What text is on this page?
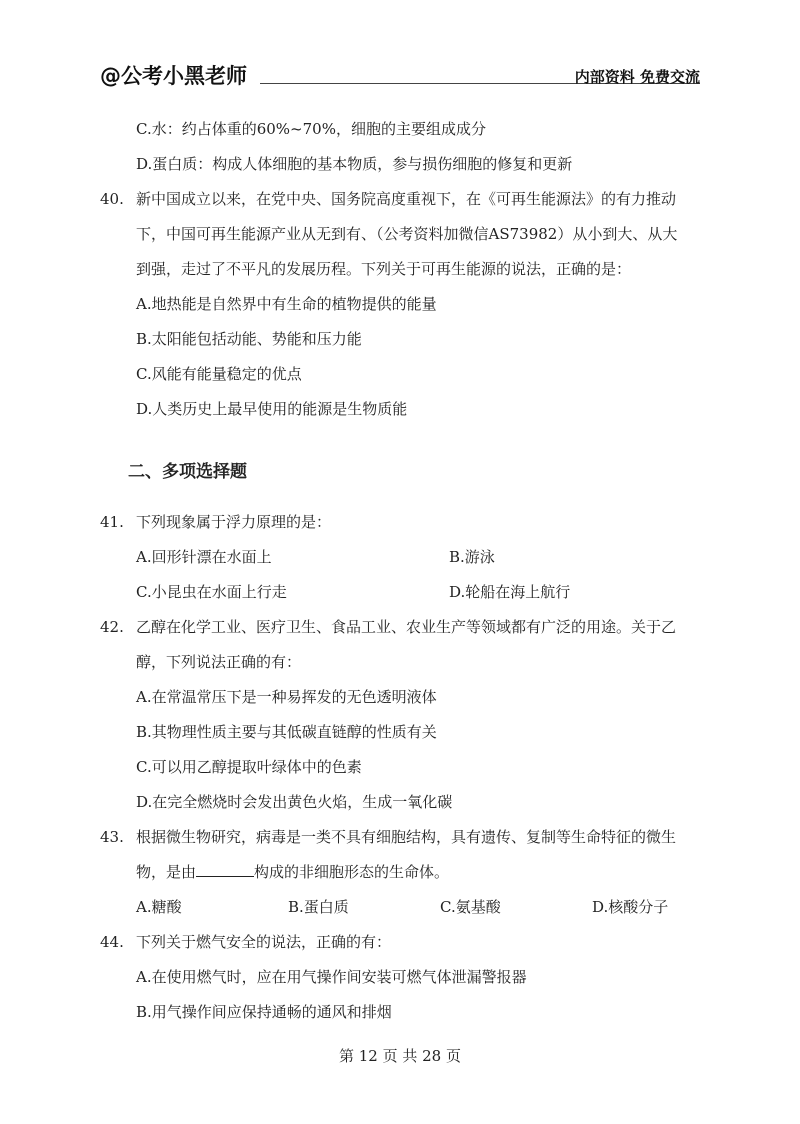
@公考小黑老师	内部资料 免费交流
C.水：约占体重的60%~70%，细胞的主要组成成分
D.蛋白质：构成人体细胞的基本物质，参与损伤细胞的修复和更新
40. 新中国成立以来，在党中央、国务院高度重视下，在《可再生能源法》的有力推动
下，中国可再生能源产业从无到有、（公考资料加微信AS73982）从小到大、从大
到强，走过了不平凡的发展历程。下列关于可再生能源的说法，正确的是：
A.地热能是自然界中有生命的植物提供的能量
B.太阳能包括动能、势能和压力能
C.风能有能量稳定的优点
D.人类历史上最早使用的能源是生物质能
二、多项选择题
41. 下列现象属于浮力原理的是：
A.回形针漂在水面上	B.游泳
C.小昆虫在水面上行走	D.轮船在海上航行
42. 乙醇在化学工业、医疗卫生、食品工业、农业生产等领域都有广泛的用途。关于乙
醇，下列说法正确的有：
A.在常温常压下是一种易挥发的无色透明液体
B.其物理性质主要与其低碳直链醇的性质有关
C.可以用乙醇提取叶绿体中的色素
D.在完全燃烧时会发出黄色火焰，生成一氧化碳
43. 根据微生物研究，病毒是一类不具有细胞结构，具有遗传、复制等生命特征的微生
物，是由	构成的非细胞形态的生命体。
A.糖酸	B.蛋白质	C.氨基酸	D.核酸分子
44. 下列关于燃气安全的说法，正确的有：
A.在使用燃气时，应在用气操作间安装可燃气体泄漏警报器
B.用气操作间应保持通畅的通风和排烟
第 12 页 共 28 页
